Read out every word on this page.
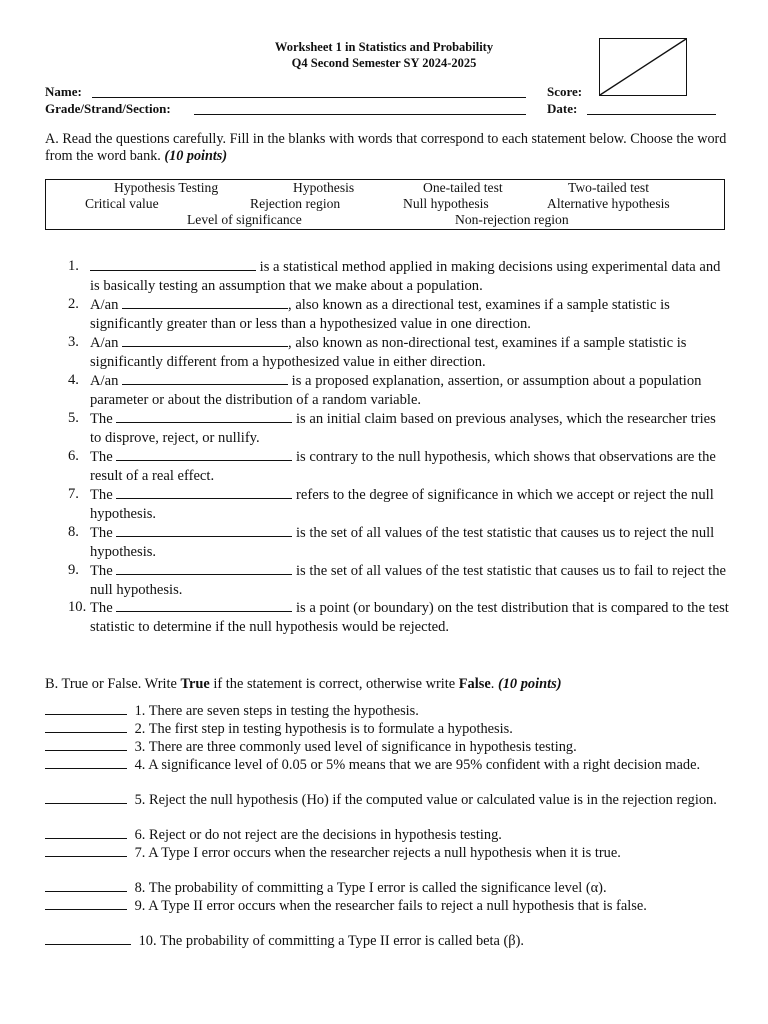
Worksheet 1 in Statistics and Probability
Q4 Second Semester SY 2024-2025
Name:	Score:
Grade/Strand/Section:	Date:
A. Read the questions carefully. Fill in the blanks with words that correspond to each statement below. Choose the word from the word bank. (10 points)
Hypothesis Testing	Hypothesis	One-tailed test	Two-tailed test
Critical value	Rejection region	Null hypothesis	Alternative hypothesis
Level of significance	Non-rejection region
1.	is a statistical method applied in making decisions using experimental data and is basically testing an assumption that we make about a population.
2. A/an	, also known as a directional test, examines if a sample statistic is significantly greater than or less than a hypothesized value in one direction.
3. A/an	, also known as non-directional test, examines if a sample statistic is significantly different from a hypothesized value in either direction.
4. A/an	is a proposed explanation, assertion, or assumption about a population parameter or about the distribution of a random variable.
5. The	is an initial claim based on previous analyses, which the researcher tries to disprove, reject, or nullify.
6. The	is contrary to the null hypothesis, which shows that observations are the result of a real effect.
7. The	refers to the degree of significance in which we accept or reject the null hypothesis.
8. The	is the set of all values of the test statistic that causes us to reject the null hypothesis.
9. The	is the set of all values of the test statistic that causes us to fail to reject the null hypothesis.
10. The	is a point (or boundary) on the test distribution that is compared to the test statistic to determine if the null hypothesis would be rejected.
B. True or False. Write True if the statement is correct, otherwise write False. (10 points)
1. There are seven steps in testing the hypothesis.
2. The first step in testing hypothesis is to formulate a hypothesis.
3. There are three commonly used level of significance in hypothesis testing.
4. A significance level of 0.05 or 5% means that we are 95% confident with a right decision made.
5. Reject the null hypothesis (Ho) if the computed value or calculated value is in the rejection region.
6. Reject or do not reject are the decisions in hypothesis testing.
7. A Type I error occurs when the researcher rejects a null hypothesis when it is true.
8. The probability of committing a Type I error is called the significance level (α).
9. A Type II error occurs when the researcher fails to reject a null hypothesis that is false.
10. The probability of committing a Type II error is called beta (β).
